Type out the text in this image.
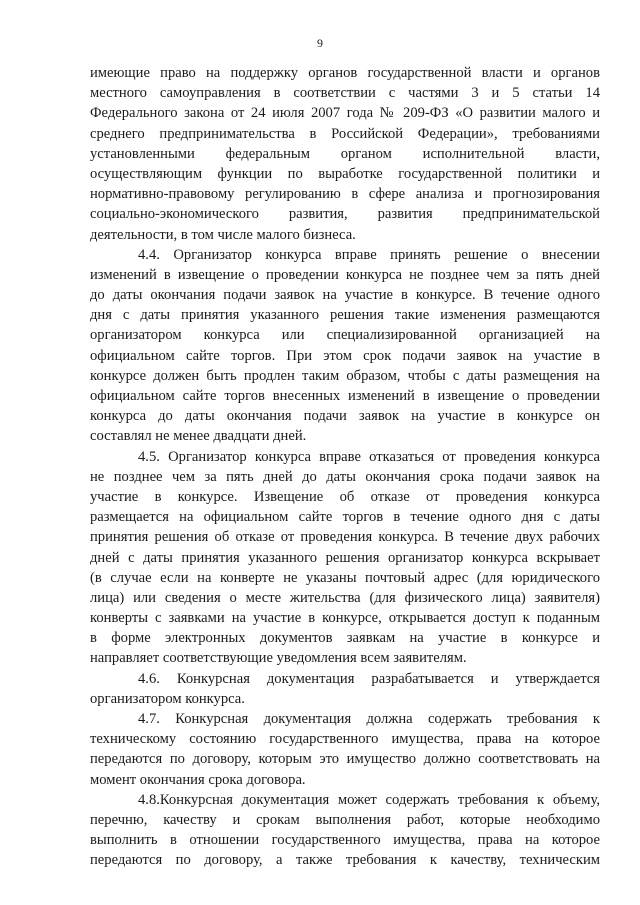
9
имеющие право на поддержку органов государственной власти и органов
местного самоуправления в соответствии с частями 3 и 5 статьи 14
Федерального закона от 24 июля 2007 года № 209-ФЗ «О развитии малого и
среднего предпринимательства в Российской Федерации», требованиями
установленными федеральным органом исполнительной власти,
осуществляющим функции по выработке государственной политики и
нормативно-правовому регулированию в сфере анализа и прогнозирования
социально-экономического развития, развития предпринимательской
деятельности, в том числе малого бизнеса.
4.4. Организатор конкурса вправе принять решение о внесении
изменений в извещение о проведении конкурса не позднее чем за пять дней
до даты окончания подачи заявок на участие в конкурсе. В течение одного
дня с даты принятия указанного решения такие изменения размещаются
организатором конкурса или специализированной организацией на
официальном сайте торгов. При этом срок подачи заявок на участие в
конкурсе должен быть продлен таким образом, чтобы с даты размещения на
официальном сайте торгов внесенных изменений в извещение о проведении
конкурса до даты окончания подачи заявок на участие в конкурсе он
составлял не менее двадцати дней.
4.5. Организатор конкурса вправе отказаться от проведения конкурса
не позднее чем за пять дней до даты окончания срока подачи заявок на
участие в конкурсе. Извещение об отказе от проведения конкурса
размещается на официальном сайте торгов в течение одного дня с даты
принятия решения об отказе от проведения конкурса. В течение двух рабочих
дней с даты принятия указанного решения организатор конкурса вскрывает
(в случае если на конверте не указаны почтовый адрес (для юридического
лица) или сведения о месте жительства (для физического лица) заявителя)
конверты с заявками на участие в конкурсе, открывается доступ к поданным
в форме электронных документов заявкам на участие в конкурсе и
направляет соответствующие уведомления всем заявителям.
4.6. Конкурсная документация разрабатывается и утверждается
организатором конкурса.
4.7. Конкурсная документация должна содержать требования к
техническому состоянию государственного имущества, права на которое
передаются по договору, которым это имущество должно соответствовать на
момент окончания срока договора.
4.8.Конкурсная документация может содержать требования к объему,
перечню, качеству и срокам выполнения работ, которые необходимо
выполнить в отношении государственного имущества, права на которое
передаются по договору, а также требования к качеству, техническим
